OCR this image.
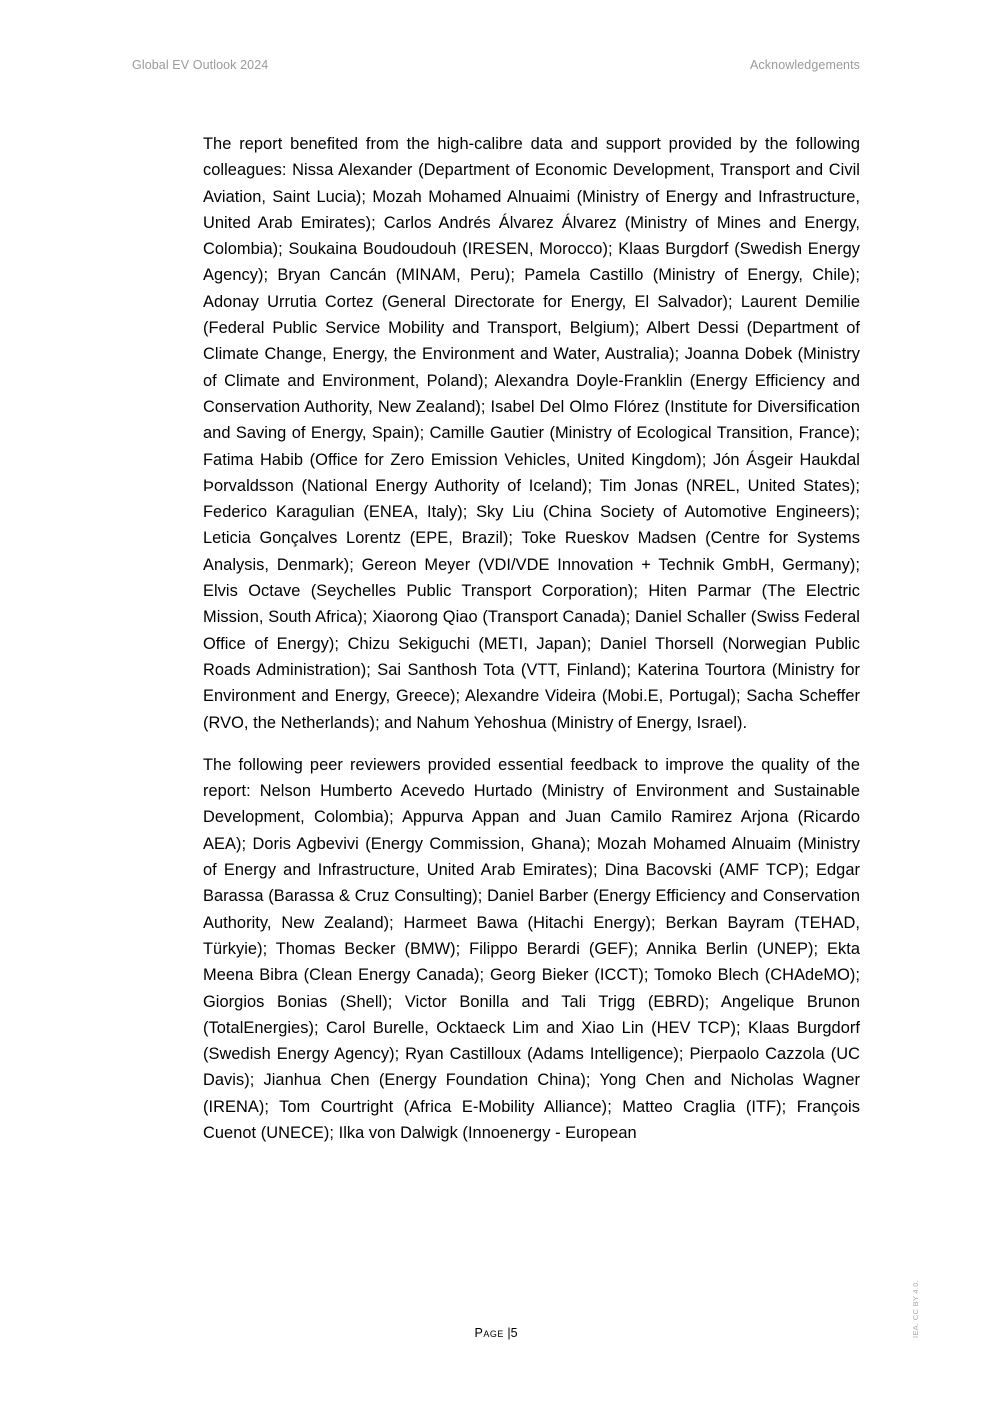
Global EV Outlook 2024	Acknowledgements

The report benefited from the high-calibre data and support provided by the following colleagues: Nissa Alexander (Department of Economic Development, Transport and Civil Aviation, Saint Lucia); Mozah Mohamed Alnuaimi (Ministry of Energy and Infrastructure, United Arab Emirates); Carlos Andrés Álvarez Álvarez (Ministry of Mines and Energy, Colombia); Soukaina Boudoudouh (IRESEN, Morocco); Klaas Burgdorf (Swedish Energy Agency); Bryan Cancán (MINAM, Peru); Pamela Castillo (Ministry of Energy, Chile); Adonay Urrutia Cortez (General Directorate for Energy, El Salvador); Laurent Demilie (Federal Public Service Mobility and Transport, Belgium); Albert Dessi (Department of Climate Change, Energy, the Environment and Water, Australia); Joanna Dobek (Ministry of Climate and Environment, Poland); Alexandra Doyle-Franklin (Energy Efficiency and Conservation Authority, New Zealand); Isabel Del Olmo Flórez (Institute for Diversification and Saving of Energy, Spain); Camille Gautier (Ministry of Ecological Transition, France); Fatima Habib (Office for Zero Emission Vehicles, United Kingdom); Jón Ásgeir Haukdal Þorvaldsson (National Energy Authority of Iceland); Tim Jonas (NREL, United States); Federico Karagulian (ENEA, Italy); Sky Liu (China Society of Automotive Engineers); Leticia Gonçalves Lorentz (EPE, Brazil); Toke Rueskov Madsen (Centre for Systems Analysis, Denmark); Gereon Meyer (VDI/VDE Innovation + Technik GmbH, Germany); Elvis Octave (Seychelles Public Transport Corporation); Hiten Parmar (The Electric Mission, South Africa); Xiaorong Qiao (Transport Canada); Daniel Schaller (Swiss Federal Office of Energy); Chizu Sekiguchi (METI, Japan); Daniel Thorsell (Norwegian Public Roads Administration); Sai Santhosh Tota (VTT, Finland); Katerina Tourtora (Ministry for Environment and Energy, Greece); Alexandre Videira (Mobi.E, Portugal); Sacha Scheffer (RVO, the Netherlands); and Nahum Yehoshua (Ministry of Energy, Israel).

The following peer reviewers provided essential feedback to improve the quality of the report: Nelson Humberto Acevedo Hurtado (Ministry of Environment and Sustainable Development, Colombia); Appurva Appan and Juan Camilo Ramirez Arjona (Ricardo AEA); Doris Agbevivi (Energy Commission, Ghana); Mozah Mohamed Alnuaim (Ministry of Energy and Infrastructure, United Arab Emirates); Dina Bacovski (AMF TCP); Edgar Barassa (Barassa & Cruz Consulting); Daniel Barber (Energy Efficiency and Conservation Authority, New Zealand); Harmeet Bawa (Hitachi Energy); Berkan Bayram (TEHAD, Türkyie); Thomas Becker (BMW); Filippo Berardi (GEF); Annika Berlin (UNEP); Ekta Meena Bibra (Clean Energy Canada); Georg Bieker (ICCT); Tomoko Blech (CHAdeMO); Giorgios Bonias (Shell); Victor Bonilla and Tali Trigg (EBRD); Angelique Brunon (TotalEnergies); Carol Burelle, Ocktaeck Lim and Xiao Lin (HEV TCP); Klaas Burgdorf (Swedish Energy Agency); Ryan Castilloux (Adams Intelligence); Pierpaolo Cazzola (UC Davis); Jianhua Chen (Energy Foundation China); Yong Chen and Nicholas Wagner (IRENA); Tom Courtright (Africa E-Mobility Alliance); Matteo Craglia (ITF); François Cuenot (UNECE); Ilka von Dalwigk (Innoenergy - European

Page |5	IEA. CC BY 4.0.
